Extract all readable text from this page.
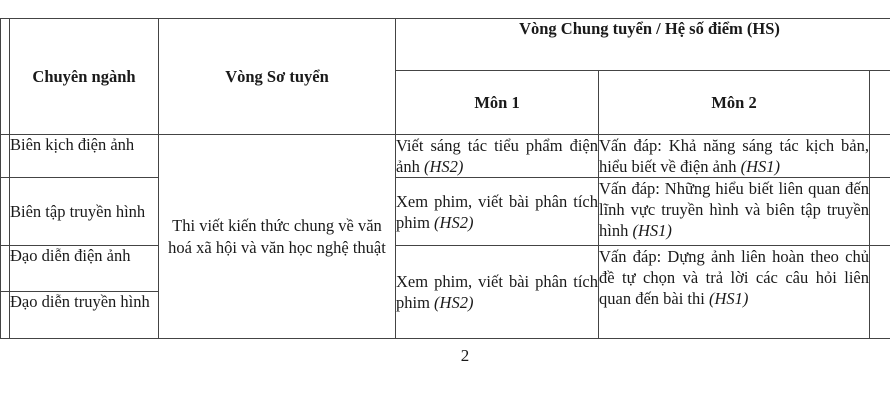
	Chuyên ngành	Vòng Sơ tuyển	Vòng Chung tuyển / Hệ số điểm (HS)		
			Môn 1	Môn 2	
	Biên kịch điện ảnh	Thi viết kiến thức chung về văn hoá xã hội và văn học nghệ thuật	Viết sáng tác tiểu phẩm điện ảnh (HS2)	Vấn đáp: Khả năng sáng tác kịch bản, hiểu biết về điện ảnh (HS1)	
	Biên tập truyền hình		Xem phim, viết bài phân tích phim (HS2)	Vấn đáp: Những hiểu biết liên quan đến lĩnh vực truyền hình và biên tập truyền hình (HS1)	
	Đạo diễn điện ảnh		Xem phim, viết bài phân tích phim (HS2)	Vấn đáp: Dựng ảnh liên hoàn theo chủ đề tự chọn và trả lời các câu hỏi liên quan đến bài thi (HS1)	
	Đạo diễn truyền hình				
2
